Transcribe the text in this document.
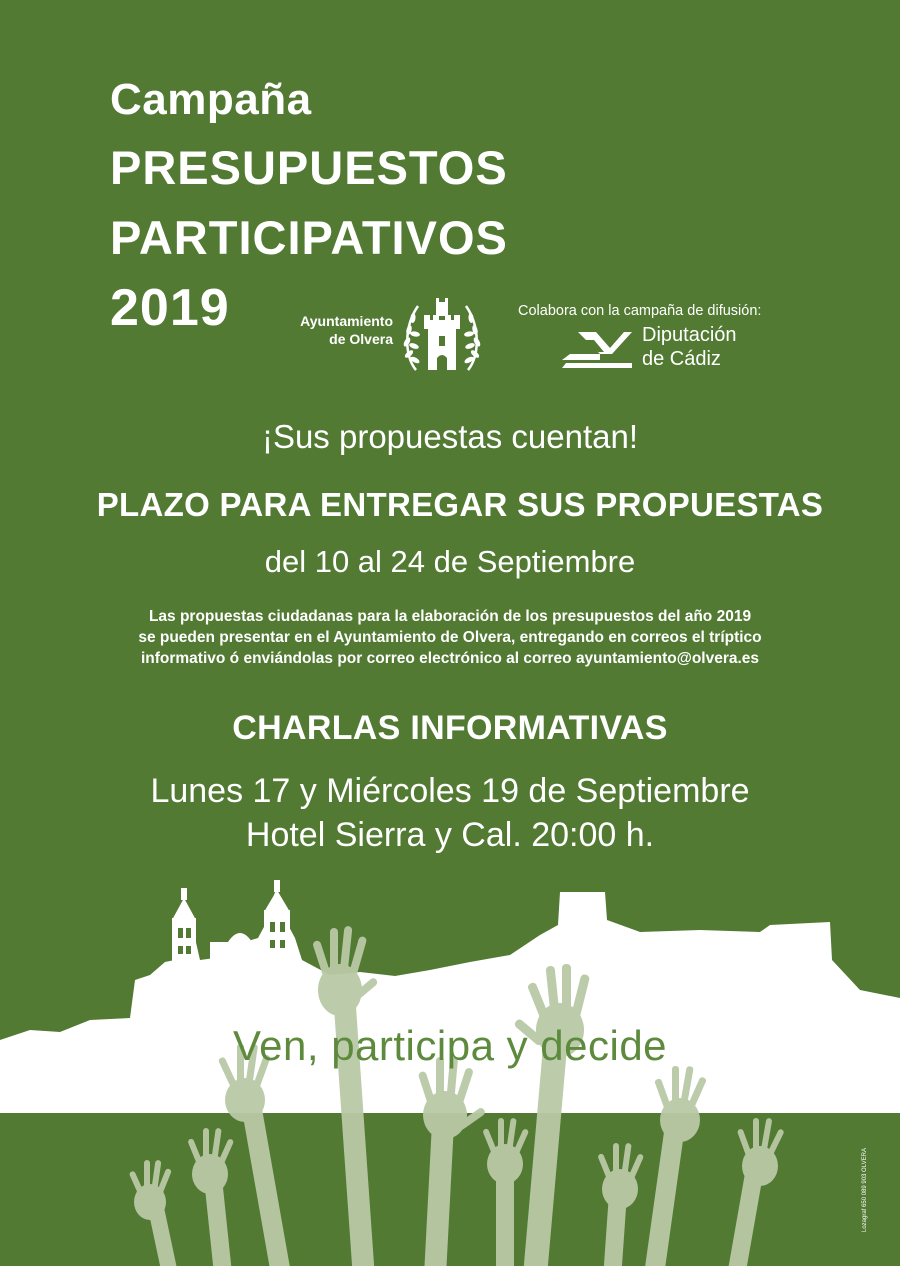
Campaña
PRESUPUESTOS
PARTICIPATIVOS
2019	Ayuntamiento
de Olvera
Colabora con la campaña de difusión:
Diputación
de Cádiz
¡Sus propuestas cuentan!
PLAZO PARA ENTREGAR SUS PROPUESTAS
del 10 al 24 de Septiembre
Las propuestas ciudadanas para la elaboración de los presupuestos del año 2019
se pueden presentar en el Ayuntamiento de Olvera, entregando en correos el tríptico
informativo ó enviándolas por correo electrónico al correo ayuntamiento@olvera.es
CHARLAS INFORMATIVAS
Lunes 17 y Miércoles 19 de Septiembre
Hotel Sierra y Cal. 20:00 h.
Ven, participa y decide
Lozagraf 650 089 903 OLVERA
